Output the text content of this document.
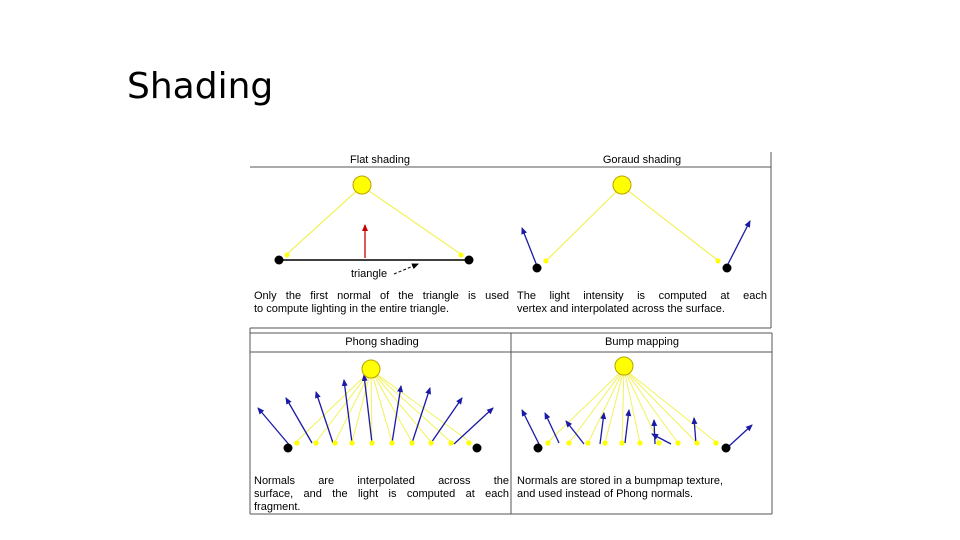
Shading
Flat shading	Goraud shading
Phong shading	Bump mapping
triangle
Only the first normal of the triangle is used
to compute lighting in the entire triangle.
The light intensity is computed at each
vertex and interpolated across the surface.
Normals are interpolated across the
surface, and the light is computed at each
fragment.
Normals are stored in a bumpmap texture,
and used instead of Phong normals.
